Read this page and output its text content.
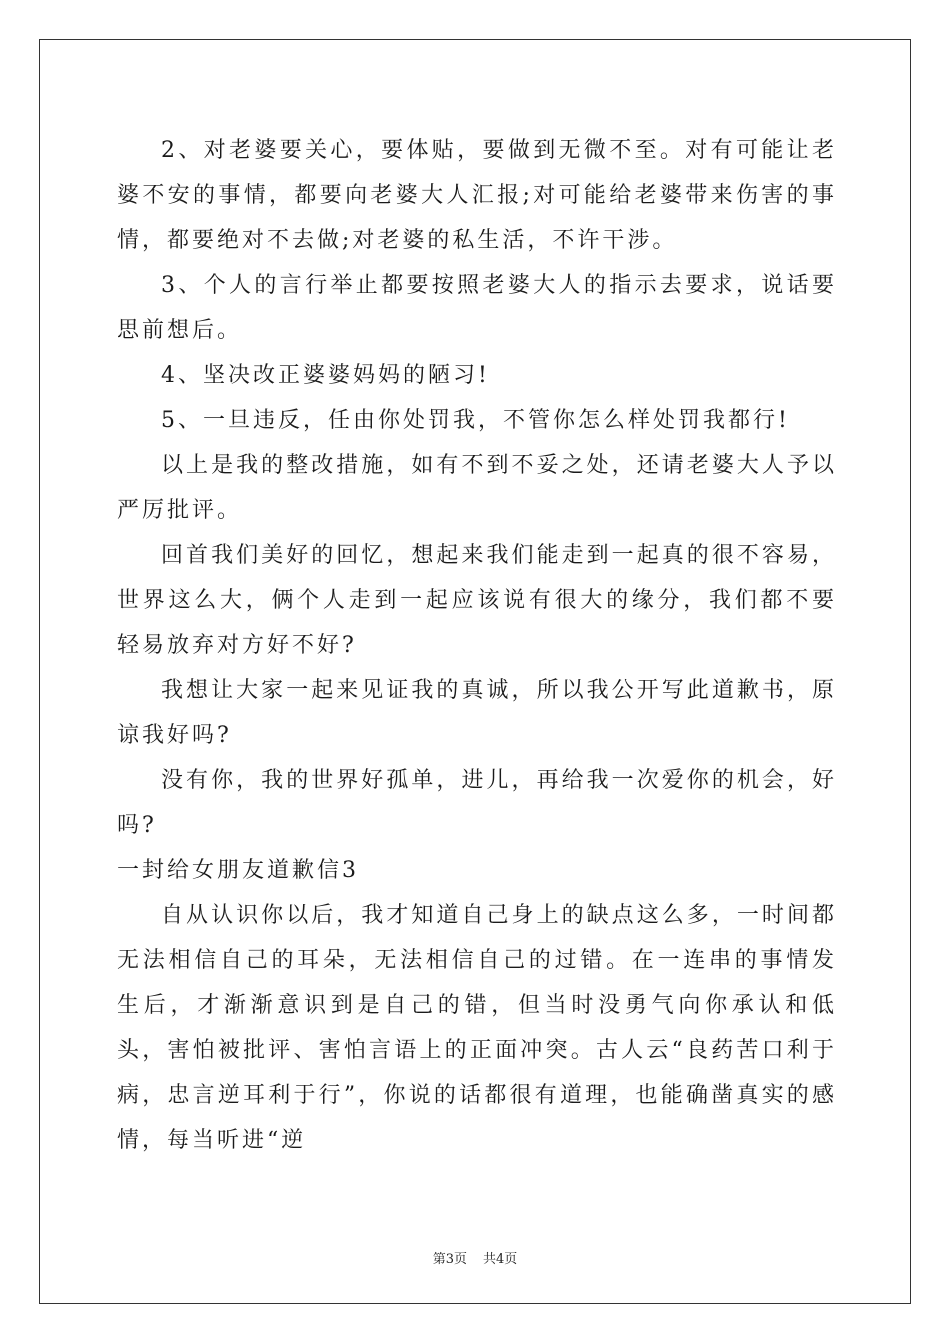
2、对老婆要关心，要体贴，要做到无微不至。对有可能让老婆不安的事情，都要向老婆大人汇报;对可能给老婆带来伤害的事情，都要绝对不去做;对老婆的私生活，不许干涉。

3、个人的言行举止都要按照老婆大人的指示去要求，说话要思前想后。

4、坚决改正婆婆妈妈的陋习!

5、一旦违反，任由你处罚我，不管你怎么样处罚我都行!

以上是我的整改措施，如有不到不妥之处，还请老婆大人予以严厉批评。

回首我们美好的回忆，想起来我们能走到一起真的很不容易，世界这么大，俩个人走到一起应该说有很大的缘分，我们都不要轻易放弃对方好不好?

我想让大家一起来见证我的真诚，所以我公开写此道歉书，原谅我好吗?

没有你，我的世界好孤单，进儿，再给我一次爱你的机会，好吗?

一封给女朋友道歉信3

自从认识你以后，我才知道自己身上的缺点这么多，一时间都无法相信自己的耳朵，无法相信自己的过错。在一连串的事情发生后，才渐渐意识到是自己的错，但当时没勇气向你承认和低头，害怕被批评、害怕言语上的正面冲突。古人云“良药苦口利于病，忠言逆耳利于行”，你说的话都很有道理，也能确凿真实的感情，每当听进“逆

第3页 共4页
